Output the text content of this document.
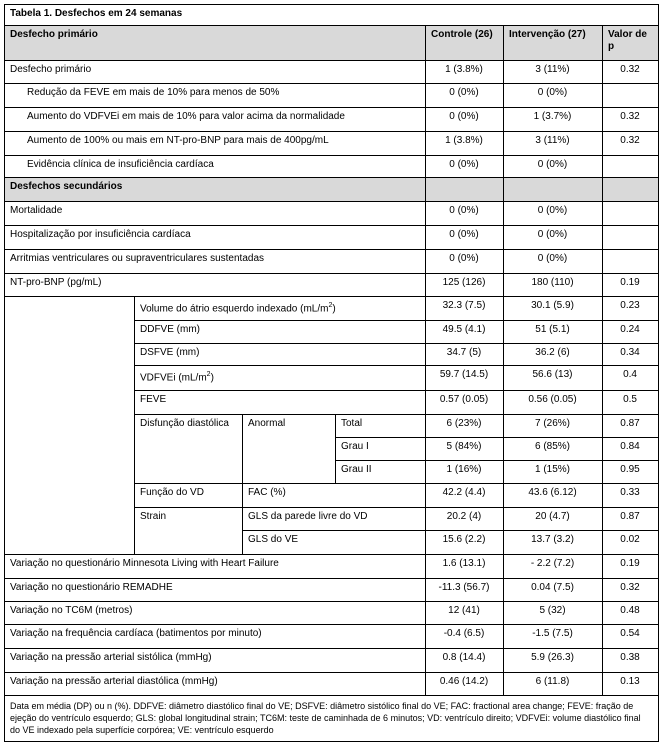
Tabela 1. Desfechos em 24 semanas						
Desfecho primário				Controle (26)	Intervenção (27)	Valor de p
Desfecho primário				1 (3.8%)	3 (11%)	0.32
Redução da FEVE em mais de 10% para menos de 50%				0 (0%)	0 (0%)	
Aumento do VDFVEi em mais de 10% para valor acima da normalidade				0 (0%)	1 (3.7%)	0.32
Aumento de 100% ou mais em NT-pro-BNP para mais de 400pg/mL				1 (3.8%)	3 (11%)	0.32
Evidência clínica de insuficiência cardíaca				0 (0%)	0 (0%)	
Desfechos secundários						
Mortalidade				0 (0%)	0 (0%)	
Hospitalização por insuficiência cardíaca				0 (0%)	0 (0%)	
Arritmias ventriculares ou supraventriculares sustentadas				0 (0%)	0 (0%)	
NT-pro-BNP (pg/mL)				125 (126)	180 (110)	0.19
	Volume do átrio esquerdo indexado $(mL/m^2)$			32.3 (7.5)	30.1 (5.9)	0.23
	DDFVE (mm)			49.5 (4.1)	51 (5.1)	0.24
	DSFVE (mm)			34.7 (5)	36.2 (6)	0.34
	VDFVEi $(mL/m^2)$			59.7 (14.5)	56.6 (13)	0.4
	FEVE			0.57 (0.05)	0.56 (0.05)	0.5
	Disfunção diastólica	Anormal	Total	6 (23%)	7 (26%)	0.87
			Grau I	5 (84%)	6 (85%)	0.84
			Grau II	1 (16%)	1 (15%)	0.95
	Função do VD	FAC (%)		42.2 (4.4)	43.6 (6.12)	0.33
	Strain	GLS da parede livre do VD		20.2 (4)	20 (4.7)	0.87
		GLS do VE		15.6 (2.2)	13.7 (3.2)	0.02
Variação no questionário Minnesota Living with Heart Failure				1.6 (13.1)	- 2.2 (7.2)	0.19
Variação no questionário REMADHE				-11.3 (56.7)	0.04 (7.5)	0.32
Variação no TC6M (metros)				12 (41)	5 (32)	0.48
Variação na frequência cardíaca (batimentos por minuto)				-0.4 (6.5)	-1.5 (7.5)	0.54
Variação na pressão arterial sistólica (mmHg)				0.8 (14.4)	5.9 (26.3)	0.38
Variação na pressão arterial diastólica (mmHg)				0.46 (14.2)	6 (11.8)	0.13
Data em média (DP) ou n (%). DDFVE: diâmetro diastólico final do VE; DSFVE: diâmetro sistólico final do VE; FAC: fractional area change; FEVE: fração de ejeção do ventrículo esquerdo; GLS: global longitudinal strain; TC6M: teste de caminhada de 6 minutos; VD: ventrículo direito; VDFVEi: volume diastólico final do VE indexado pela superfície corpórea; VE: ventrículo esquerdo						
